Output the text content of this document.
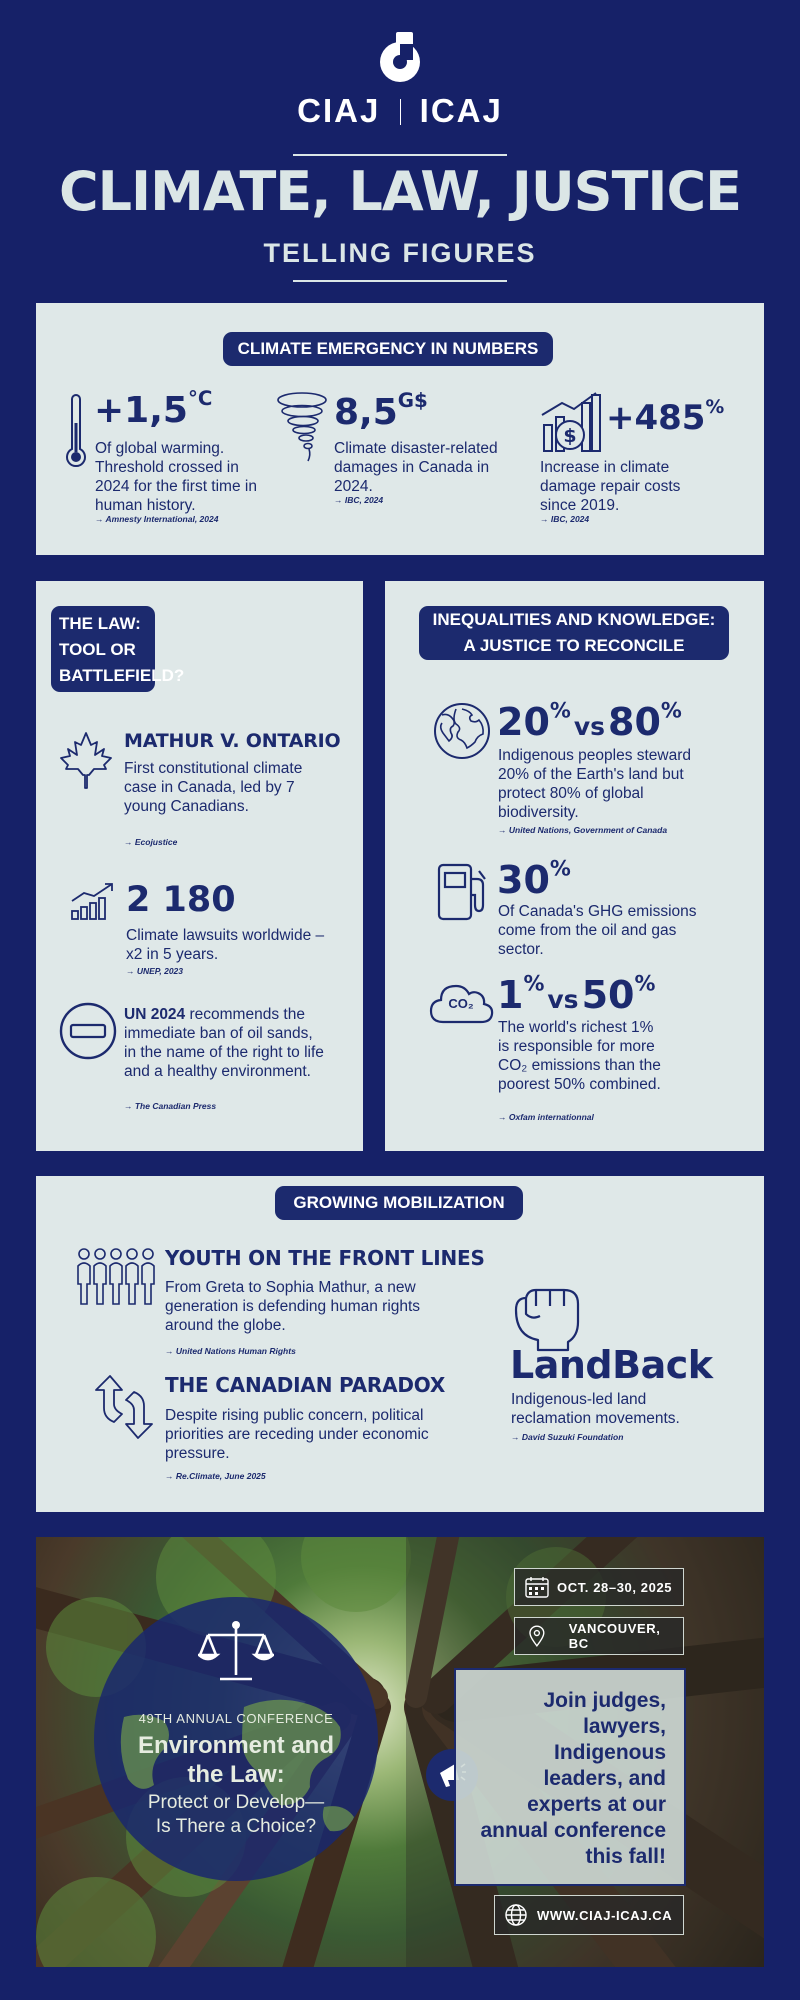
CIAJ ICAJ
CLIMATE, LAW, JUSTICE
TELLING FIGURES
CLIMATE EMERGENCY IN NUMBERS
$+1,5^{^\circ C}$
Of global warming. Threshold crossed in 2024 for the first time in human history.
→ Amnesty International, 2024
$8,5^{G\$}$
Climate disaster-related damages in Canada in 2024.
→ IBC, 2024
$ +485%
Increase in climate damage repair costs since 2019.
→ IBC, 2024
THE LAW:
TOOL OR
BATTLEFIELD?
MATHUR V. ONTARIO
First constitutional climate case in Canada, led by 7 young Canadians.
→ Ecojustice
2 180
Climate lawsuits worldwide – x2 in 5 years.
→ UNEP, 2023
UN 2024 recommends the immediate ban of oil sands, in the name of the right to life and a healthy environment.
→ The Canadian Press
INEQUALITIES AND KNOWLEDGE:
A JUSTICE TO RECONCILE
20%vs80%
Indigenous peoples steward 20% of the Earth's land but protect 80% of global biodiversity.
→ United Nations, Government of Canada
30%
Of Canada's GHG emissions come from the oil and gas sector.
CO₂ 1%vs50%
The world's richest 1% is responsible for more CO₂ emissions than the poorest 50% combined.
→ Oxfam internationnal
GROWING MOBILIZATION
YOUTH ON THE FRONT LINES
From Greta to Sophia Mathur, a new generation is defending human rights around the globe.
→ United Nations Human Rights
THE CANADIAN PARADOX
Despite rising public concern, political priorities are receding under economic pressure.
→ Re.Climate, June 2025
LandBack
Indigenous-led land reclamation movements.
→ David Suzuki Foundation
49TH ANNUAL CONFERENCE
Environment and
the Law:
Protect or Develop—
Is There a Choice?
OCT. 28–30, 2025
VANCOUVER, BC
Join judges,
lawyers,
Indigenous
leaders, and
experts at our
annual conference
this fall!
WWW.CIAJ-ICAJ.CA
